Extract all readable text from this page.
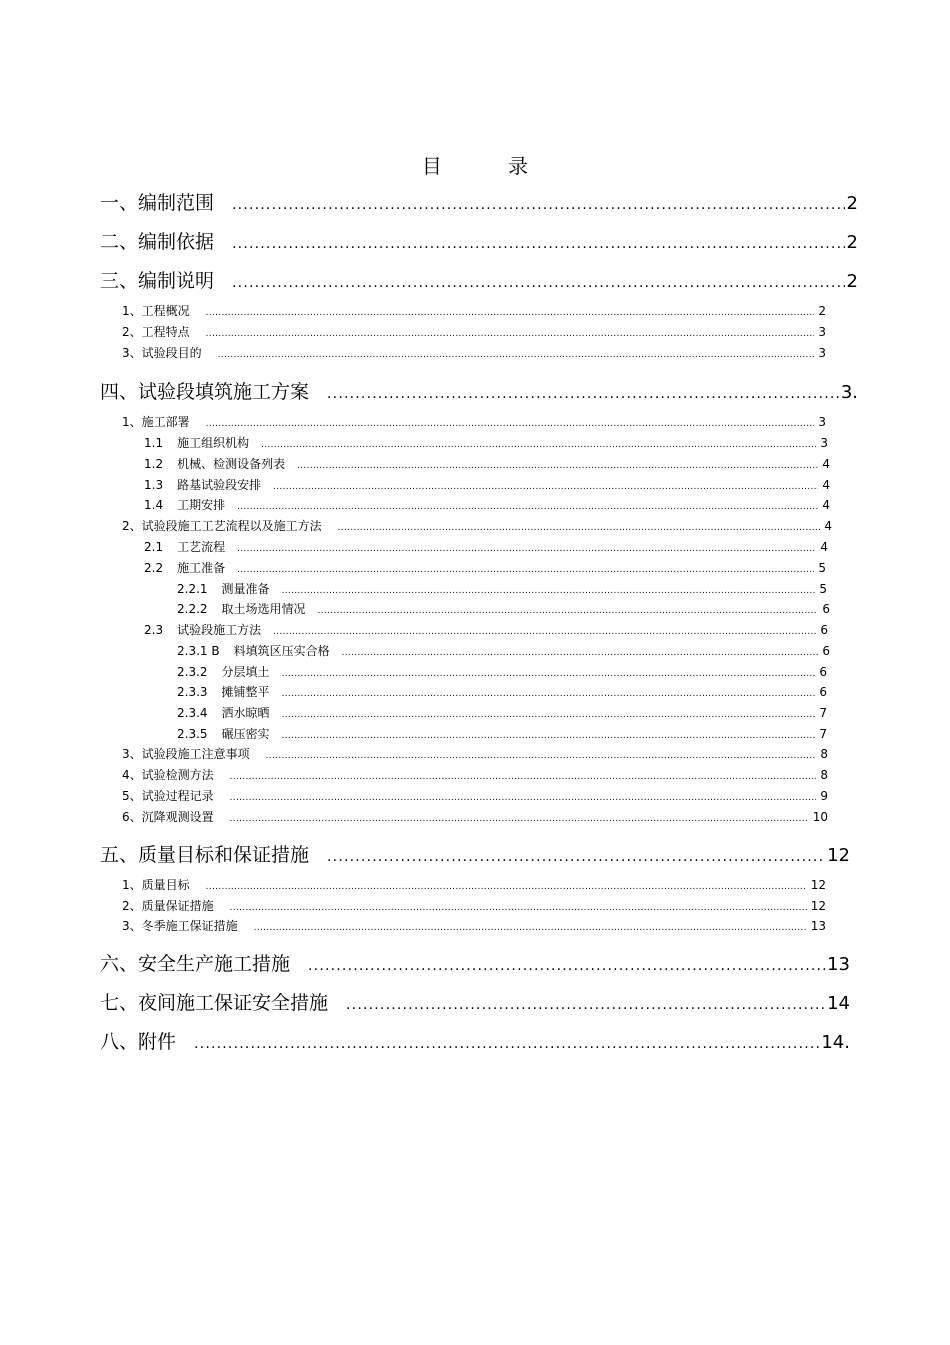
目 录
一、编制范围 .....	2
二、编制依据 .....	2
三、编制说明 .....	2
1、工程概况 .....	2
2、工程特点 .....	3
3、试验段目的 .....	3
四、试验段填筑施工方案 .....	3.
1、施工部署 .....	3
1.1 施工组织机构 .....	3
1.2 机械、检测设备列表 .....	4
1.3 路基试验段安排 .....	4
1.4 工期安排 .....	4
2、试验段施工工艺流程以及施工方法 .....	4
2.1 工艺流程 .....	4
2.2 施工准备 .....	5
2.2.1 测量准备 .....	5
2.2.2 取土场选用情况 .....	6
2.3 试验段施工方法 .....	6
2.3.1 B 料填筑区压实合格 .....	6
2.3.2 分层填土 .....	6
2.3.3 摊铺整平 .....	6
2.3.4 洒水晾晒 .....	7
2.3.5 碾压密实 .....	7
3、试验段施工注意事项 .....	8
4、试验检测方法 .....	8
5、试验过程记录 .....	9
6、沉降观测设置 .....	10
五、质量目标和保证措施 .....	12
1、质量目标 .....	12
2、质量保证措施 .....	12
3、冬季施工保证措施 .....	13
六、安全生产施工措施 .....	13
七、夜间施工保证安全措施 .....	14
八、附件 .....	14.
